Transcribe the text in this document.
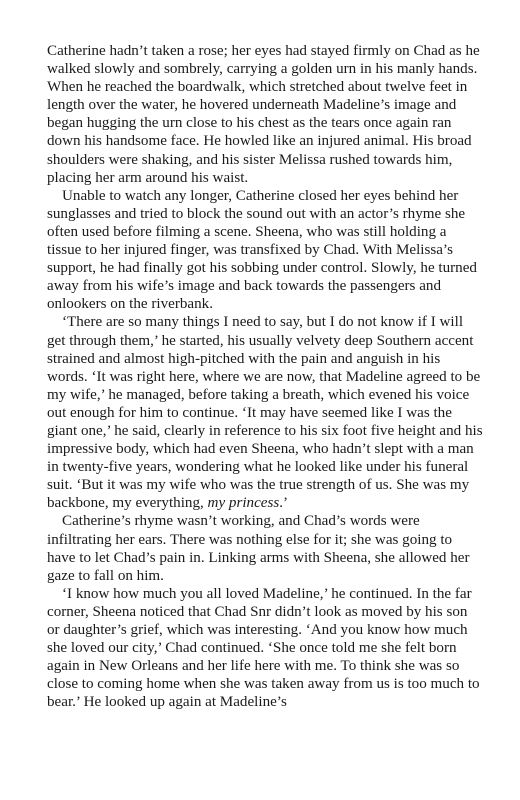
Catherine hadn’t taken a rose; her eyes had stayed firmly on Chad as he walked slowly and sombrely, carrying a golden urn in his manly hands. When he reached the boardwalk, which stretched about twelve feet in length over the water, he hovered underneath Madeline’s image and began hugging the urn close to his chest as the tears once again ran down his handsome face. He howled like an injured animal. His broad shoulders were shaking, and his sister Melissa rushed towards him, placing her arm around his waist.

Unable to watch any longer, Catherine closed her eyes behind her sunglasses and tried to block the sound out with an actor’s rhyme she often used before filming a scene. Sheena, who was still holding a tissue to her injured finger, was transfixed by Chad. With Melissa’s support, he had finally got his sobbing under control. Slowly, he turned away from his wife’s image and back towards the passengers and onlookers on the riverbank.

‘There are so many things I need to say, but I do not know if I will get through them,’ he started, his usually velvety deep Southern accent strained and almost high-pitched with the pain and anguish in his words. ‘It was right here, where we are now, that Madeline agreed to be my wife,’ he managed, before taking a breath, which evened his voice out enough for him to continue. ‘It may have seemed like I was the giant one,’ he said, clearly in reference to his six foot five height and his impressive body, which had even Sheena, who hadn’t slept with a man in twenty-five years, wondering what he looked like under his funeral suit. ‘But it was my wife who was the true strength of us. She was my backbone, my everything, my princess.’

Catherine’s rhyme wasn’t working, and Chad’s words were infiltrating her ears. There was nothing else for it; she was going to have to let Chad’s pain in. Linking arms with Sheena, she allowed her gaze to fall on him.

‘I know how much you all loved Madeline,’ he continued. In the far corner, Sheena noticed that Chad Snr didn’t look as moved by his son or daughter’s grief, which was interesting. ‘And you know how much she loved our city,’ Chad continued. ‘She once told me she felt born again in New Orleans and her life here with me. To think she was so close to coming home when she was taken away from us is too much to bear.’ He looked up again at Madeline’s
